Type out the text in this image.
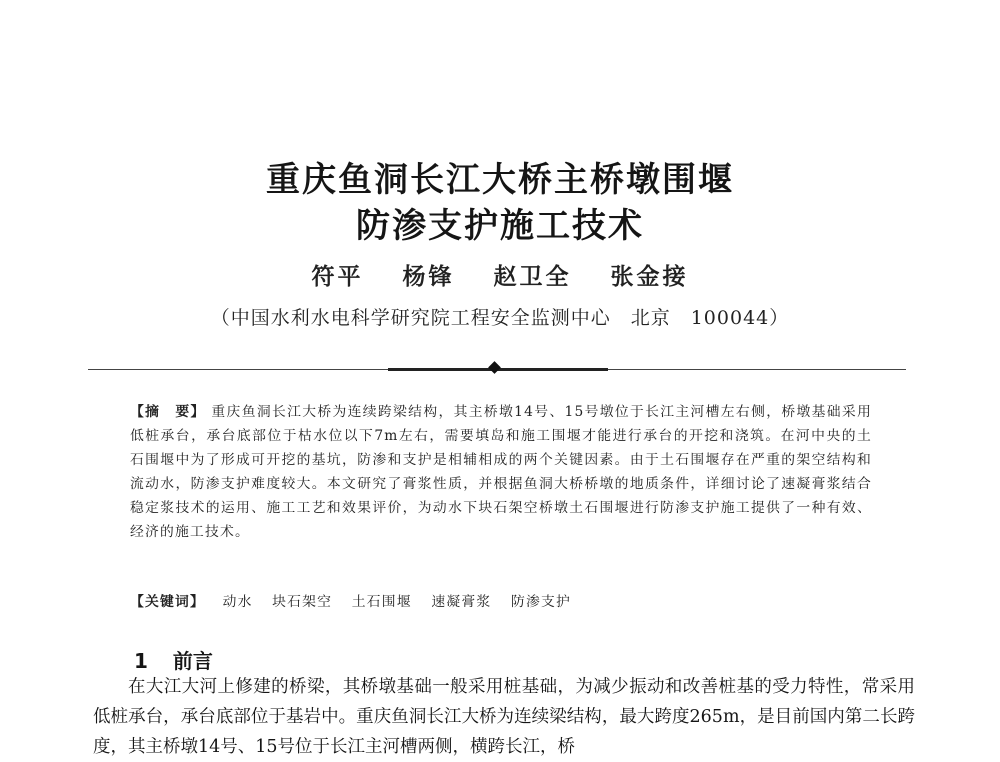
重庆鱼洞长江大桥主桥墩围堰
防渗支护施工技术
符平 杨锋 赵卫全 张金接
（中国水利水电科学研究院工程安全监测中心　北京　100044）
【摘　要】 重庆鱼洞长江大桥为连续跨梁结构，其主桥墩14号、15号墩位于长江主河槽左右侧，桥墩基础采用低桩承台，承台底部位于枯水位以下7m左右，需要填岛和施工围堰才能进行承台的开挖和浇筑。在河中央的土石围堰中为了形成可开挖的基坑，防渗和支护是相辅相成的两个关键因素。由于土石围堰存在严重的架空结构和流动水，防渗支护难度较大。本文研究了膏浆性质，并根据鱼洞大桥桥墩的地质条件，详细讨论了速凝膏浆结合稳定浆技术的运用、施工工艺和效果评价，为动水下块石架空桥墩土石围堰进行防渗支护施工提供了一种有效、经济的施工技术。
【关键词】 动水 块石架空 土石围堰 速凝膏浆 防渗支护
1 前言

在大江大河上修建的桥梁，其桥墩基础一般采用桩基础，为减少振动和改善桩基的受力特性，常采用低桩承台，承台底部位于基岩中。重庆鱼洞长江大桥为连续梁结构，最大跨度265m，是目前国内第二长跨度，其主桥墩14号、15号位于长江主河槽两侧，横跨长江，桥
